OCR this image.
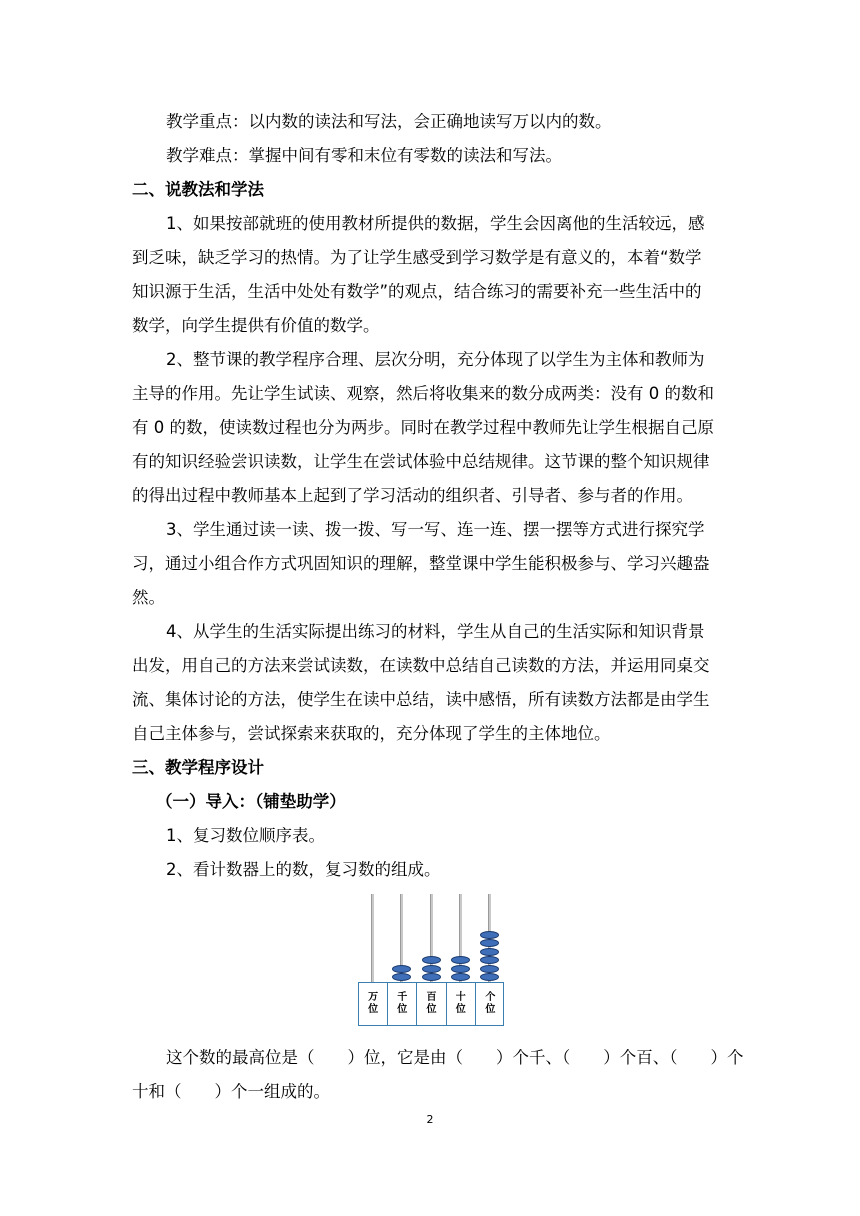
教学重点：以内数的读法和写法，会正确地读写万以内的数。
教学难点：掌握中间有零和末位有零数的读法和写法。
二、说教法和学法
1、如果按部就班的使用教材所提供的数据，学生会因离他的生活较远，感
到乏味，缺乏学习的热情。为了让学生感受到学习数学是有意义的，本着“数学
知识源于生活，生活中处处有数学”的观点，结合练习的需要补充一些生活中的
数学，向学生提供有价值的数学。
2、整节课的教学程序合理、层次分明，充分体现了以学生为主体和教师为
主导的作用。先让学生试读、观察，然后将收集来的数分成两类：没有 0 的数和
有 0 的数，使读数过程也分为两步。同时在教学过程中教师先让学生根据自己原
有的知识经验尝识读数，让学生在尝试体验中总结规律。这节课的整个知识规律
的得出过程中教师基本上起到了学习活动的组织者、引导者、参与者的作用。
3、学生通过读一读、拨一拨、写一写、连一连、摆一摆等方式进行探究学
习，通过小组合作方式巩固知识的理解，整堂课中学生能积极参与、学习兴趣盎
然。
4、从学生的生活实际提出练习的材料，学生从自己的生活实际和知识背景
出发，用自己的方法来尝试读数，在读数中总结自己读数的方法，并运用同桌交
流、集体讨论的方法，使学生在读中总结，读中感悟，所有读数方法都是由学生
自己主体参与，尝试探索来获取的，充分体现了学生的主体地位。
三、教学程序设计
（一）导入：（铺垫助学）
1、复习数位顺序表。
2、看计数器上的数，复习数的组成。
这个数的最高位是（　　）位，它是由（　　）个千、（　　）个百、（　　）个
十和（　　）个一组成的。
万
位
千
位
百
位
十
位
个
位
2
